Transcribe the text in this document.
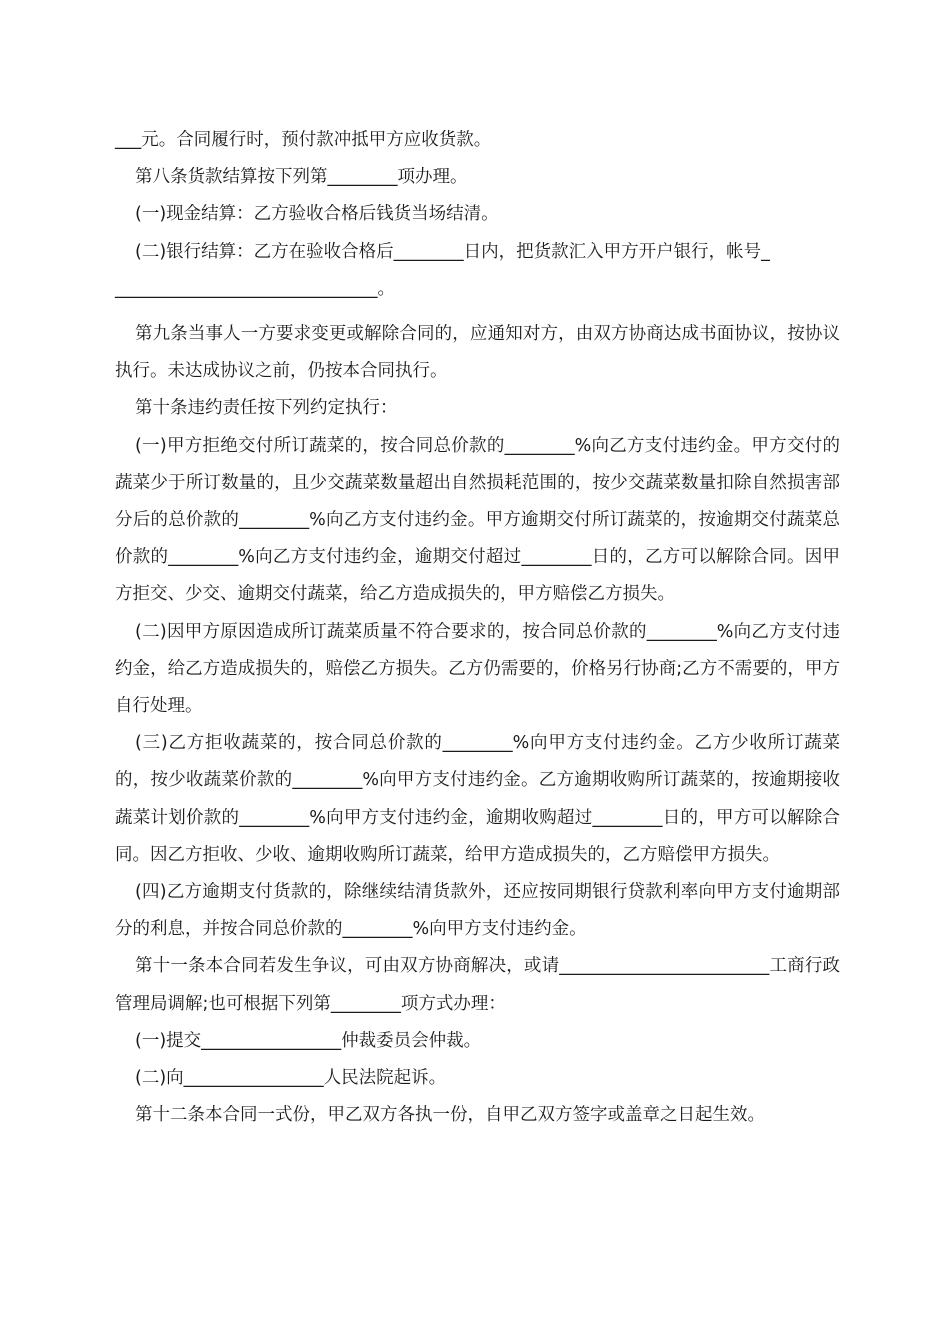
___元。合同履行时，预付款冲抵甲方应收货款。

第八条货款结算按下列第________项办理。

(一)现金结算：乙方验收合格后钱货当场结清。

(二)银行结算：乙方在验收合格后________日内，把货款汇入甲方开户银行，帐号_

______________________________。

第九条当事人一方要求变更或解除合同的，应通知对方，由双方协商达成书面协议，按协议执行。未达成协议之前，仍按本合同执行。

第十条违约责任按下列约定执行：

(一)甲方拒绝交付所订蔬菜的，按合同总价款的________%向乙方支付违约金。甲方交付的蔬菜少于所订数量的，且少交蔬菜数量超出自然损耗范围的，按少交蔬菜数量扣除自然损害部分后的总价款的________%向乙方支付违约金。甲方逾期交付所订蔬菜的，按逾期交付蔬菜总价款的________%向乙方支付违约金，逾期交付超过________日的，乙方可以解除合同。因甲方拒交、少交、逾期交付蔬菜，给乙方造成损失的，甲方赔偿乙方损失。

(二)因甲方原因造成所订蔬菜质量不符合要求的，按合同总价款的________%向乙方支付违约金，给乙方造成损失的，赔偿乙方损失。乙方仍需要的，价格另行协商;乙方不需要的，甲方自行处理。

(三)乙方拒收蔬菜的，按合同总价款的________%向甲方支付违约金。乙方少收所订蔬菜的，按少收蔬菜价款的________%向甲方支付违约金。乙方逾期收购所订蔬菜的，按逾期接收蔬菜计划价款的________%向甲方支付违约金，逾期收购超过________日的，甲方可以解除合同。因乙方拒收、少收、逾期收购所订蔬菜，给甲方造成损失的，乙方赔偿甲方损失。

(四)乙方逾期支付货款的，除继续结清货款外，还应按同期银行贷款利率向甲方支付逾期部分的利息，并按合同总价款的________%向甲方支付违约金。

第十一条本合同若发生争议，可由双方协商解决，或请________________________工商行政管理局调解;也可根据下列第________项方式办理：

(一)提交________________仲裁委员会仲裁。

(二)向________________人民法院起诉。

第十二条本合同一式份，甲乙双方各执一份，自甲乙双方签字或盖章之日起生效。
